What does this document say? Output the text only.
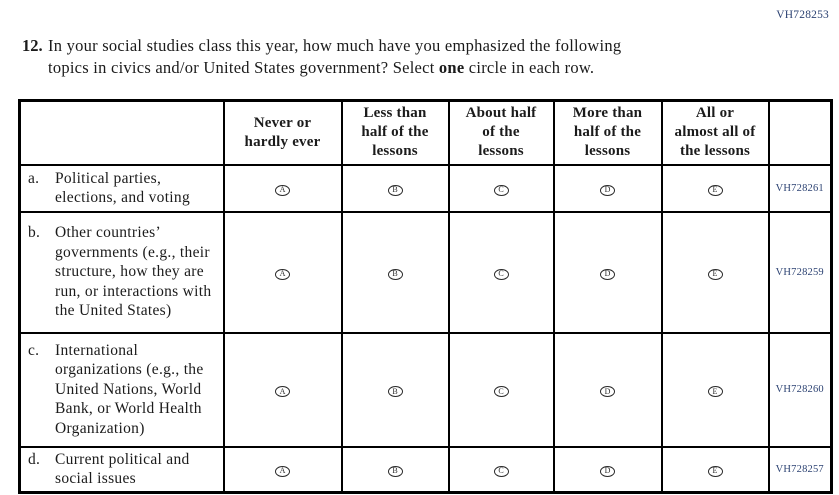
VH728253
12. In your social studies class this year, how much have you emphasized the following
topics in civics and/or United States government? Select one circle in each row.
	Never or
hardly ever	Less than
half of the
lessons	About half
of the
lessons	More than
half of the
lessons	All or
almost all of
the lessons	
a. Political parties, elections, and voting	A	B	C	D	E	VH728261
b. Other countries’ governments (e.g., their structure, how they are run, or interactions with the United States)	A	B	C	D	E	VH728259
c. International organizations (e.g., the United Nations, World Bank, or World Health Organization)	A	B	C	D	E	VH728260
d. Current political and social issues	A	B	C	D	E	VH728257
